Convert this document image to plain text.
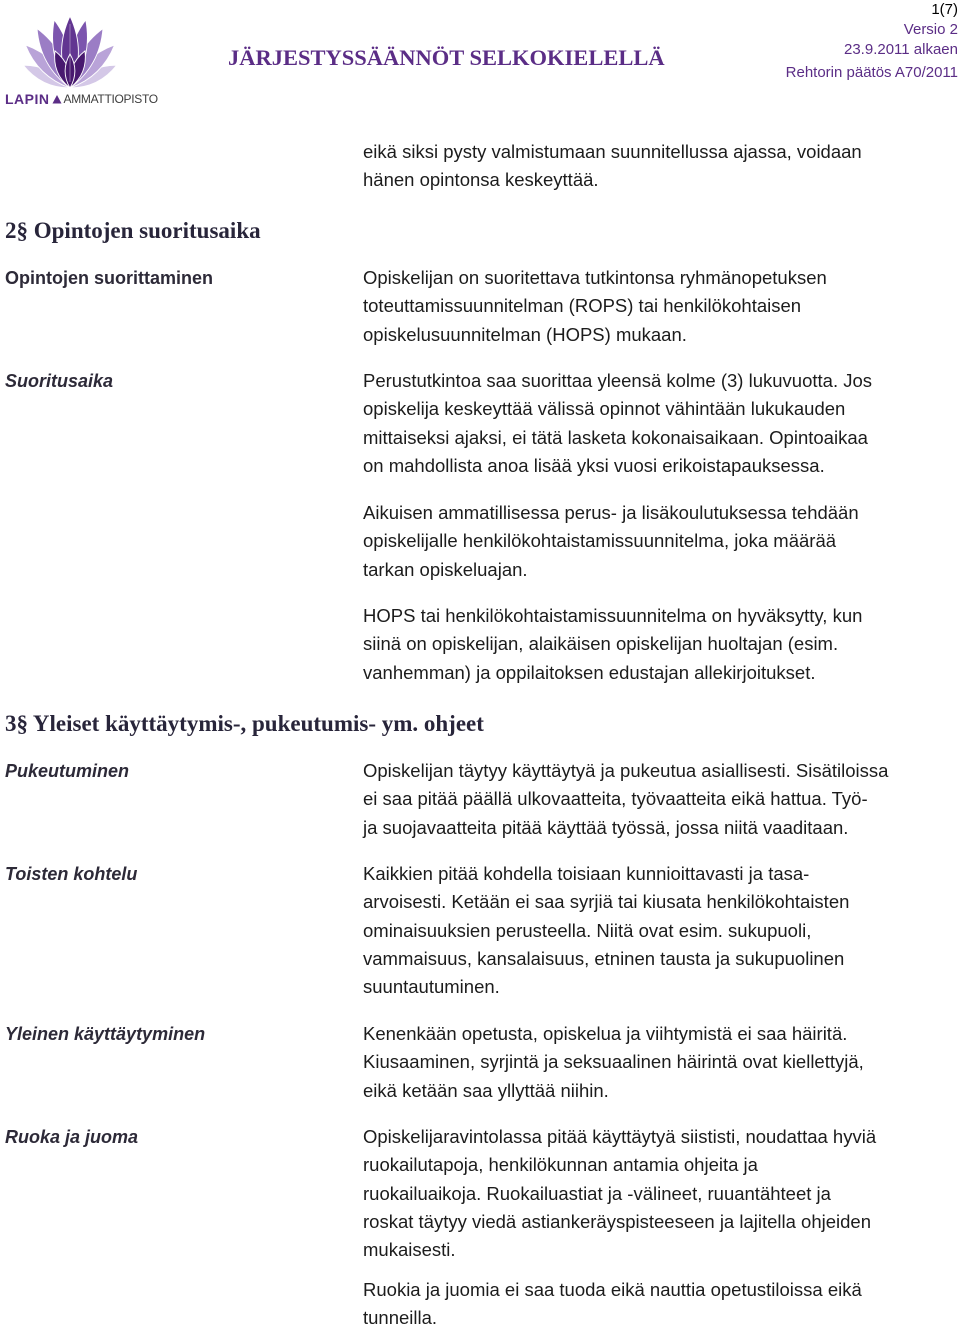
LAPIN AMMATTIOPISTO
JÄRJESTYSSÄÄNNÖT SELKOKIELELLÄ
1(7)
Versio 2
23.9.2011 alkaen
Rehtorin päätös A70/2011
eikä siksi pysty valmistumaan suunnitellussa ajassa, voidaan
hänen opintonsa keskeyttää.
2§ Opintojen suoritusaika
Opintojen suorittaminen	Opiskelijan on suoritettava tutkintonsa ryhmänopetuksen
toteuttamissuunnitelman (ROPS) tai henkilökohtaisen
opiskelusuunnitelman (HOPS) mukaan.
Suoritusaika	Perustutkintoa saa suorittaa yleensä kolme (3) lukuvuotta. Jos
opiskelija keskeyttää välissä opinnot vähintään lukukauden
mittaiseksi ajaksi, ei tätä lasketa kokonaisaikaan. Opintoaikaa
on mahdollista anoa lisää yksi vuosi erikoistapauksessa.
Aikuisen ammatillisessa perus- ja lisäkoulutuksessa tehdään
opiskelijalle henkilökohtaistamissuunnitelma, joka määrää
tarkan opiskeluajan.
HOPS tai henkilökohtaistamissuunnitelma on hyväksytty, kun
siinä on opiskelijan, alaikäisen opiskelijan huoltajan (esim.
vanhemman) ja oppilaitoksen edustajan allekirjoitukset.
3§ Yleiset käyttäytymis-, pukeutumis- ym. ohjeet
Pukeutuminen	Opiskelijan täytyy käyttäytyä ja pukeutua asiallisesti. Sisätiloissa
ei saa pitää päällä ulkovaatteita, työvaatteita eikä hattua. Työ-
ja suojavaatteita pitää käyttää työssä, jossa niitä vaaditaan.
Toisten kohtelu	Kaikkien pitää kohdella toisiaan kunnioittavasti ja tasa-
arvoisesti. Ketään ei saa syrjiä tai kiusata henkilökohtaisten
ominaisuuksien perusteella. Niitä ovat esim. sukupuoli,
vammaisuus, kansalaisuus, etninen tausta ja sukupuolinen
suuntautuminen.
Yleinen käyttäytyminen	Kenenkään opetusta, opiskelua ja viihtymistä ei saa häiritä.
Kiusaaminen, syrjintä ja seksuaalinen häirintä ovat kiellettyjä,
eikä ketään saa yllyttää niihin.
Ruoka ja juoma	Opiskelijaravintolassa pitää käyttäytyä siististi, noudattaa hyviä
ruokailutapoja, henkilökunnan antamia ohjeita ja
ruokailuaikoja. Ruokailuastiat ja -välineet, ruuantähteet ja
roskat täytyy viedä astiankeräyspisteeseen ja lajitella ohjeiden
mukaisesti.
Ruokia ja juomia ei saa tuoda eikä nauttia opetustiloissa eikä
tunneilla.
